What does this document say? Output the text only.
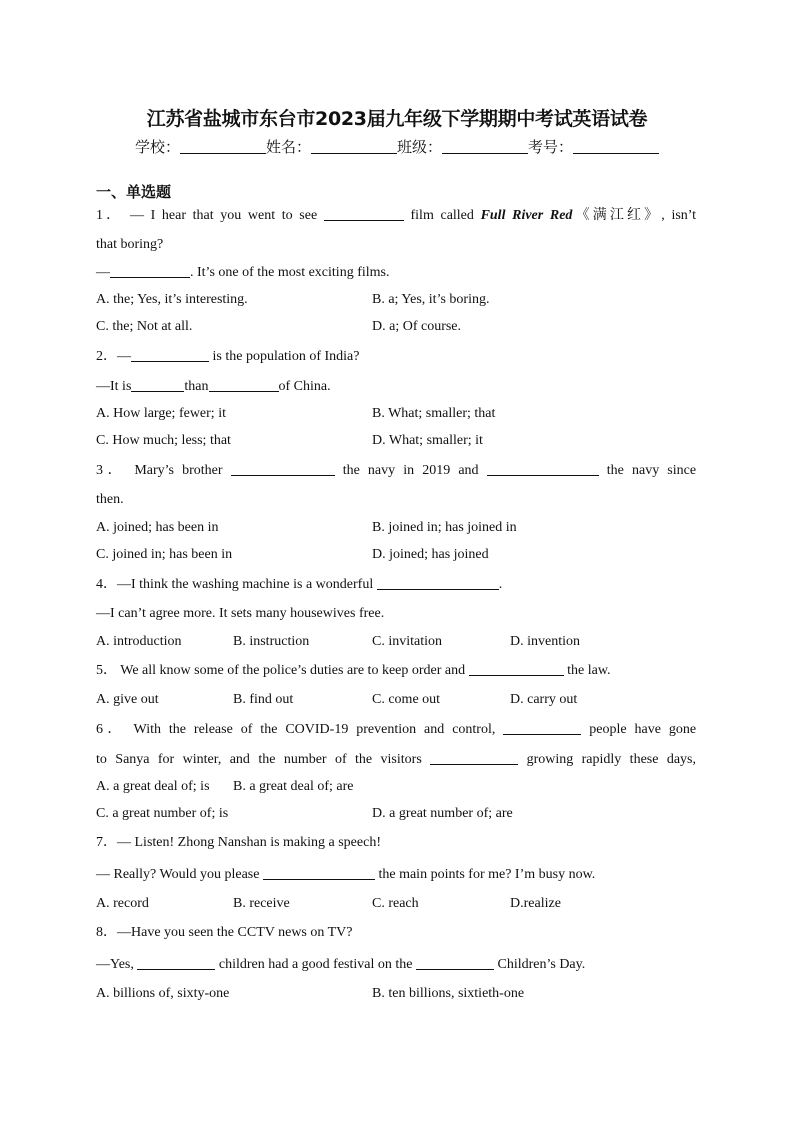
江苏省盐城市东台市2023届九年级下学期期中考试英语试卷
学校：	姓名：	班级：	考号：
一、单选题
1． — I hear that you went to see	film called Full River Red《满江红》, isn’t
that boring?
—	. It’s one of the most exciting films.
A. the; Yes, it’s interesting.	B. a; Yes, it’s boring.
C. the; Not at all.	D. a; Of course.
2．—	is the population of India?
—It is	than	of China.
A. How large; fewer; it	B. What; smaller; that
C. How much; less; that	D. What; smaller; it
3． Mary’s brother	the navy in 2019 and	the navy since
then.
A. joined; has been in	B. joined in; has joined in
C. joined in; has been in	D. joined; has joined
4．—I think the washing machine is a wonderful	.
—I can’t agree more. It sets many housewives free.
A. introduction	B. instruction	C. invitation	D. invention
5． We all know some of the police’s duties are to keep order and	the law.
A. give out	B. find out	C. come out	D. carry out
6． With the release of the COVID-19 prevention and control,	people have gone
to Sanya for winter, and the number of the visitors	growing rapidly these days,
A. a great deal of; is B. a great deal of; are
C. a great number of; is	D. a great number of; are
7．— Listen! Zhong Nanshan is making a speech!
— Really? Would you please	the main points for me? I’m busy now.
A. record	B. receive	C. reach	D.realize
8．—Have you seen the CCTV news on TV?
—Yes,	children had a good festival on the	Children’s Day.
A. billions of, sixty-one	B. ten billions, sixtieth-one
